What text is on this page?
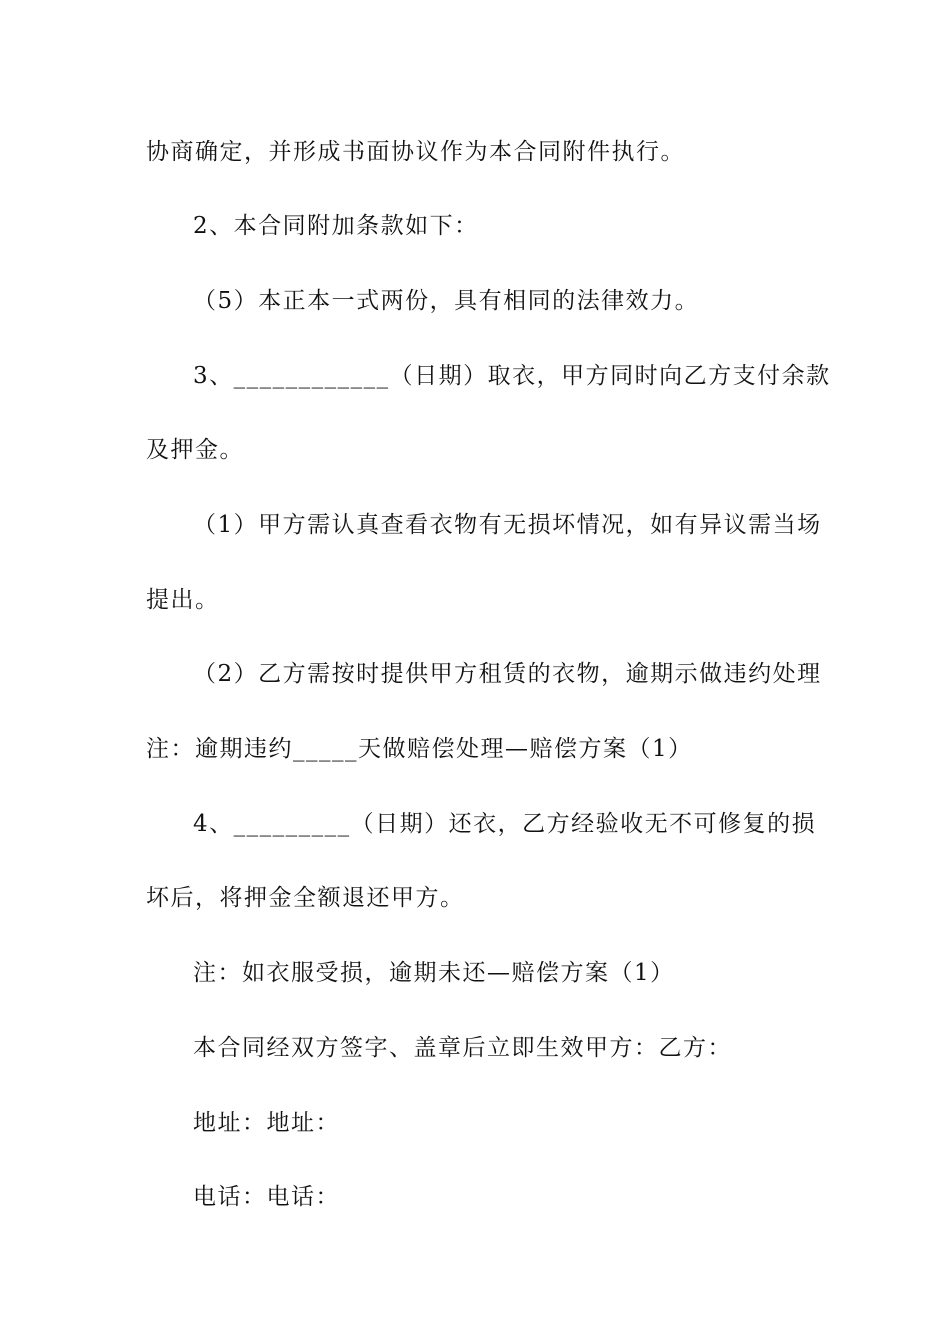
协商确定，并形成书面协议作为本合同附件执行。
2、本合同附加条款如下：
（5）本正本一式两份，具有相同的法律效力。
3、____________（日期）取衣，甲方同时向乙方支付余款
及押金。
（1）甲方需认真查看衣物有无损坏情况，如有异议需当场
提出。
（2）乙方需按时提供甲方租赁的衣物，逾期示做违约处理
注：逾期违约_____天做赔偿处理—赔偿方案（1）
4、_________（日期）还衣，乙方经验收无不可修复的损
坏后，将押金全额退还甲方。
注：如衣服受损，逾期未还—赔偿方案（1）
本合同经双方签字、盖章后立即生效甲方：乙方：
地址：地址：
电话：电话：
